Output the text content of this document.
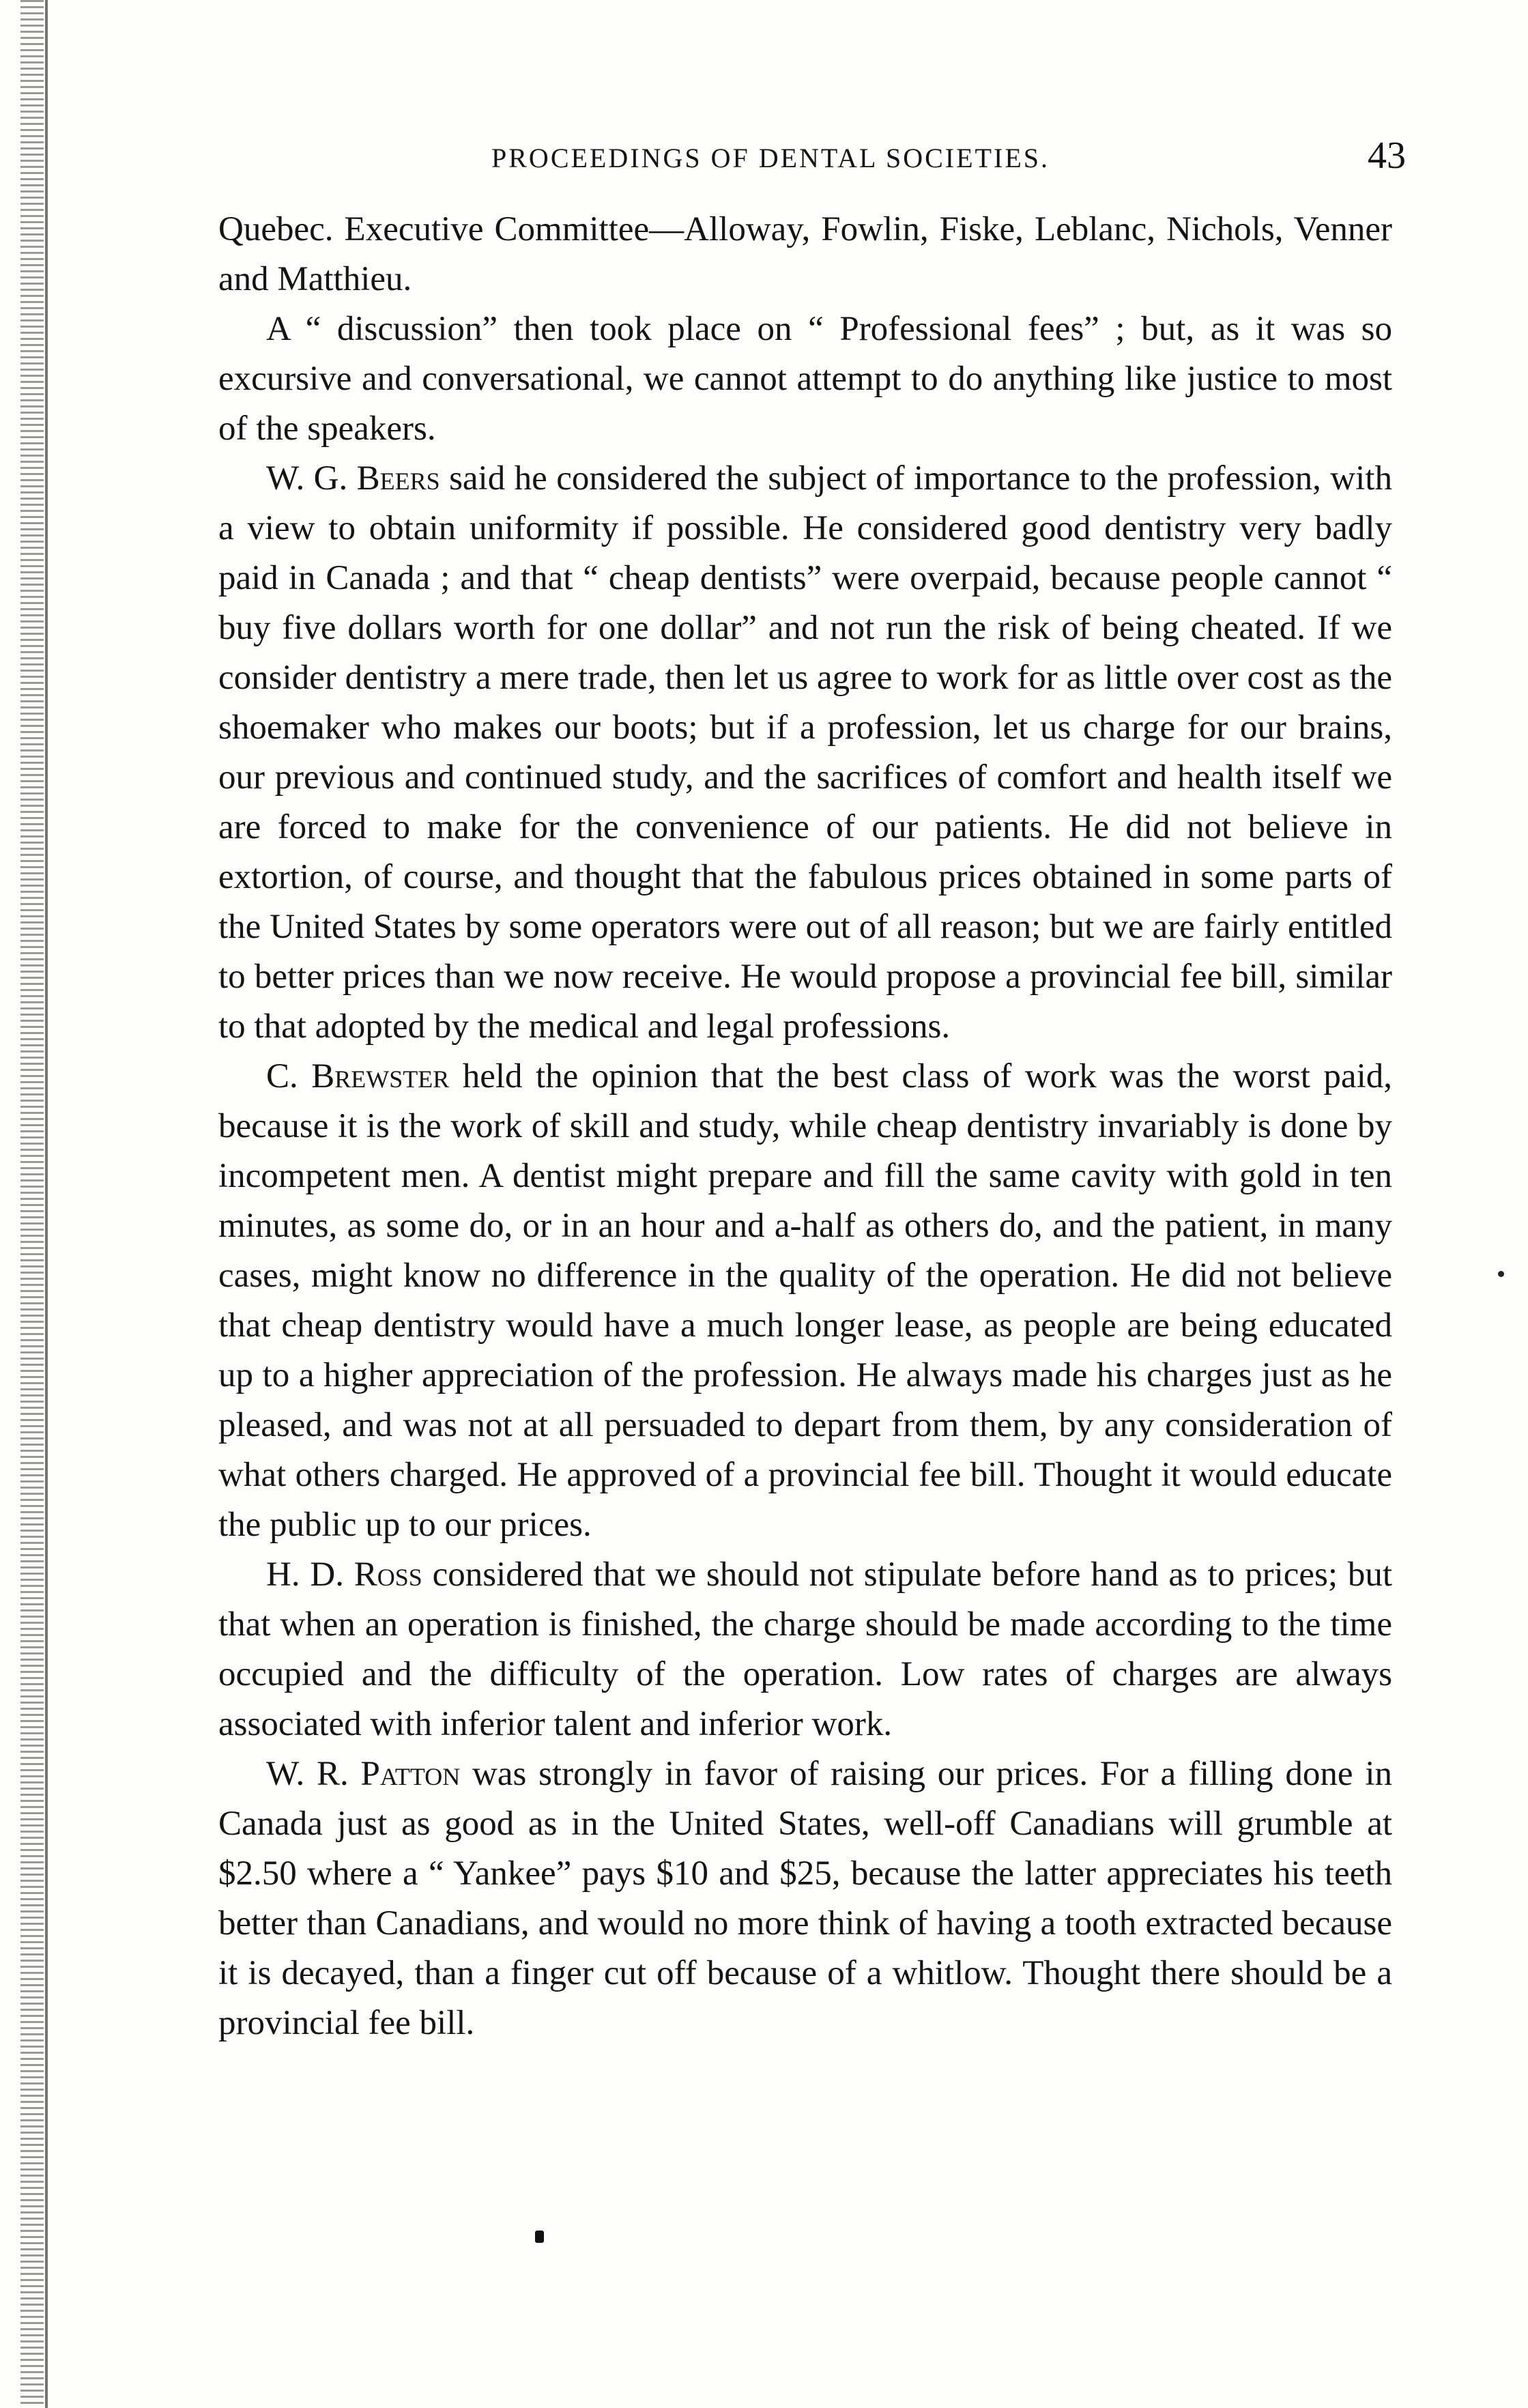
PROCEEDINGS OF DENTAL SOCIETIES.	43

Quebec. Executive Committee—Alloway, Fowlin, Fiske, Leblanc, Nichols, Venner and Matthieu.

A “ discussion” then took place on “ Professional fees” ; but, as it was so excursive and conversational, we cannot attempt to do anything like justice to most of the speakers.

W. G. Beers said he considered the subject of importance to the profession, with a view to obtain uniformity if possible. He considered good dentistry very badly paid in Canada ; and that “ cheap dentists” were overpaid, because people cannot “ buy five dollars worth for one dollar” and not run the risk of being cheated. If we consider dentistry a mere trade, then let us agree to work for as little over cost as the shoemaker who makes our boots; but if a profession, let us charge for our brains, our previous and continued study, and the sacrifices of comfort and health itself we are forced to make for the convenience of our patients. He did not believe in extortion, of course, and thought that the fabulous prices obtained in some parts of the United States by some operators were out of all reason; but we are fairly entitled to better prices than we now receive. He would propose a provincial fee bill, similar to that adopted by the medical and legal professions.

C. Brewster held the opinion that the best class of work was the worst paid, because it is the work of skill and study, while cheap dentistry invariably is done by incompetent men. A dentist might prepare and fill the same cavity with gold in ten minutes, as some do, or in an hour and a-half as others do, and the patient, in many cases, might know no difference in the quality of the operation. He did not believe that cheap dentistry would have a much longer lease, as people are being educated up to a higher appreciation of the profession. He always made his charges just as he pleased, and was not at all persuaded to depart from them, by any consideration of what others charged. He approved of a provincial fee bill. Thought it would educate the public up to our prices.

H. D. Ross considered that we should not stipulate before hand as to prices; but that when an operation is finished, the charge should be made according to the time occupied and the difficulty of the operation. Low rates of charges are always associated with inferior talent and inferior work.

W. R. Patton was strongly in favor of raising our prices. For a filling done in Canada just as good as in the United States, well-off Canadians will grumble at $2.50 where a “ Yankee” pays $10 and $25, because the latter appreciates his teeth better than Canadians, and would no more think of having a tooth extracted because it is decayed, than a finger cut off because of a whitlow. Thought there should be a provincial fee bill.
